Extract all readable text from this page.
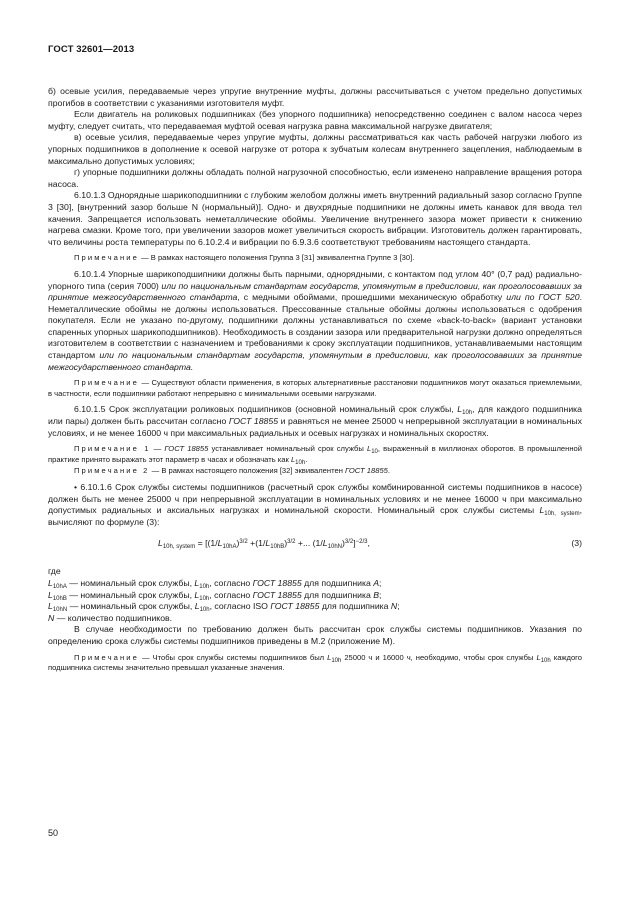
ГОСТ 32601—2013

б) осевые усилия, передаваемые через упругие внутренние муфты, должны рассчитываться с учетом предельно допустимых прогибов в соответствии с указаниями изготовителя муфт.

Если двигатель на роликовых подшипниках (без упорного подшипника) непосредственно соединен с валом насоса через муфту, следует считать, что передаваемая муфтой осевая нагрузка равна максимальной нагрузке двигателя;

в) осевые усилия, передаваемые через упругие муфты, должны рассматриваться как часть рабочей нагрузки любого из упорных подшипников в дополнение к осевой нагрузке от ротора к зубчатым колесам внутреннего зацепления, наблюдаемым в максимально допустимых условиях;

г) упорные подшипники должны обладать полной нагрузочной способностью, если изменено направление вращения ротора насоса.

6.10.1.3 Однорядные шарикоподшипники с глубоким желобом должны иметь внутренний радиальный зазор согласно Группе 3 [30], [внутренний зазор больше N (нормальный)]. Одно- и двухрядные подшипники не должны иметь канавок для ввода тел качения. Запрещается использовать неметаллические обоймы. Увеличение внутреннего зазора может привести к снижению нагрева смазки. Кроме того, при увеличении зазоров может увеличиться скорость вибрации. Изготовитель должен гарантировать, что величины роста температуры по 6.10.2.4 и вибрации по 6.9.3.6 соответствуют требованиям настоящего стандарта.

Примечание — В рамках настоящего положения Группа 3 [31] эквивалентна Группе 3 [30].

6.10.1.4 Упорные шарикоподшипники должны быть парными, однорядными, с контактом под углом 40° (0,7 рад) радиально-упорного типа (серия 7000) или по национальным стандартам государств, упомянутым в предисловии, как проголосовавших за принятие межгосударственного стандарта, с медными обоймами, прошедшими механическую обработку или по ГОСТ 520. Неметаллические обоймы не должны использоваться. Прессованные стальные обоймы должны использоваться с одобрения покупателя. Если не указано по-другому, подшипники должны устанавливаться по схеме «back-to-back» (вариант установки спаренных упорных шарикоподшипников). Необходимость в создании зазора или предварительной нагрузки должно определяться изготовителем в соответствии с назначением и требованиями к сроку эксплуатации подшипников, устанавливаемыми настоящим стандартом или по национальным стандартам государств, упомянутым в предисловии, как проголосовавших за принятие межгосударственного стандарта.

Примечание — Существуют области применения, в которых альтернативные расстановки подшипников могут оказаться приемлемыми, в частности, если подшипники работают непрерывно с минимальными осевыми нагрузками.

6.10.1.5 Срок эксплуатации роликовых подшипников (основной номинальный срок службы, $L_{10h}$, для каждого подшипника или пары) должен быть рассчитан согласно ГОСТ 18855 и равняться не менее 25000 ч непрерывной эксплуатации в номинальных условиях, и не менее 16000 ч при максимальных радиальных и осевых нагрузках и номинальных скоростях.

Примечание 1 — ГОСТ 18855 устанавливает номинальный срок службы $L_{10}$, выраженный в миллионах оборотов. В промышленной практике принято выражать этот параметр в часах и обозначать как $L_{10h}$.

Примечание 2 — В рамках настоящего положения [32] эквивалентен ГОСТ 18855.

• 6.10.1.6 Срок службы системы подшипников (расчетный срок службы комбинированной системы подшипников в насосе) должен быть не менее 25000 ч при непрерывной эксплуатации в номинальных условиях и не менее 16000 ч при максимально допустимых радиальных и аксиальных нагрузках и номинальной скорости. Номинальный срок службы системы $L_{10h, system}$, вычисляют по формуле (3):

$L_{10h, system} = [(1/L_{10hA})^{3/2} +(1/L_{10hB})^{3/2}$ +... $(1/L_{10hN})^{3/2}]^{-2/3}$,	(3)

где

$L_{10hA}$ — номинальный срок службы, $L_{10h}$, согласно ГОСТ 18855 для подшипника A;

$L_{10hB}$ — номинальный срок службы, $L_{10h}$, согласно ГОСТ 18855 для подшипника B;

$L_{10hN}$ — номинальный срок службы, $L_{10h}$, согласно ISO ГОСТ 18855 для подшипника N;

N — количество подшипников.

В случае необходимости по требованию должен быть рассчитан срок службы системы подшипников. Указания по определению срока службы системы подшипников приведены в М.2 (приложение М).

Примечание — Чтобы срок службы системы подшипников был $L_{10h}$ 25000 ч и 16000 ч, необходимо, чтобы срок службы $L_{10h}$ каждого подшипника системы значительно превышал указанные значения.

50
